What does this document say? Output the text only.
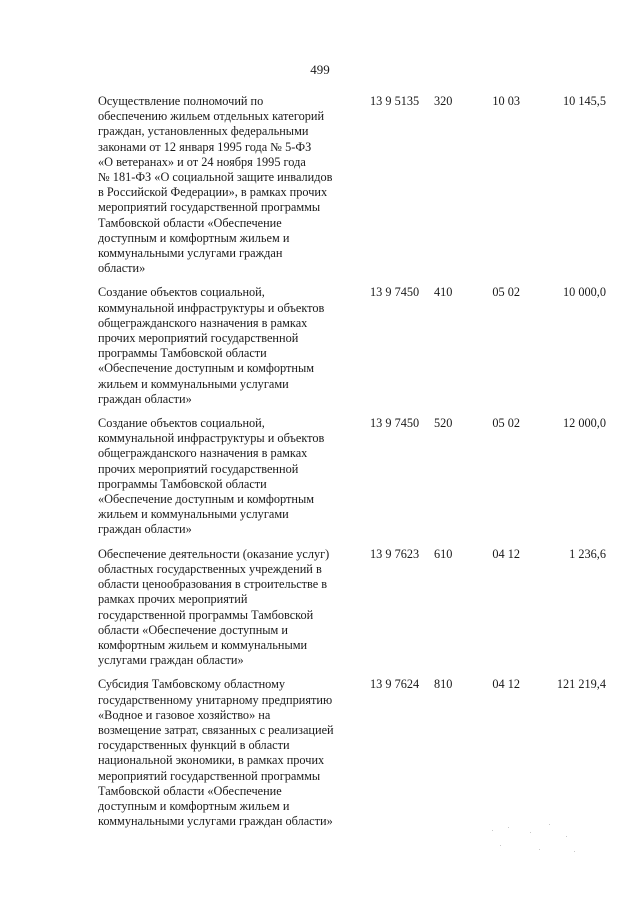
499
Осуществление полномочий по
обеспечению жильем отдельных категорий
граждан, установленных федеральными
законами от 12 января 1995 года № 5-ФЗ
«О ветеранах» и от 24 ноября 1995 года
№ 181-ФЗ «О социальной защите инвалидов
в Российской Федерации», в рамках прочих
мероприятий государственной программы
Тамбовской области «Обеспечение
доступным и комфортным жильем и
коммунальными услугами граждан
области»
13 9 5135	320	10 03	10 145,5
Создание объектов социальной,
коммунальной инфраструктуры и объектов
общегражданского назначения в рамках
прочих мероприятий государственной
программы Тамбовской области
«Обеспечение доступным и комфортным
жильем и коммунальными услугами
граждан области»
13 9 7450	410	05 02	10 000,0
Создание объектов социальной,
коммунальной инфраструктуры и объектов
общегражданского назначения в рамках
прочих мероприятий государственной
программы Тамбовской области
«Обеспечение доступным и комфортным
жильем и коммунальными услугами
граждан области»
13 9 7450	520	05 02	12 000,0
Обеспечение деятельности (оказание услуг)
областных государственных учреждений в
области ценообразования в строительстве в
рамках прочих мероприятий
государственной программы Тамбовской
области «Обеспечение доступным и
комфортным жильем и коммунальными
услугами граждан области»
13 9 7623	610	04 12	1 236,6
Субсидия Тамбовскому областному
государственному унитарному предприятию
«Водное и газовое хозяйство» на
возмещение затрат, связанных с реализацией
государственных функций в области
национальной экономики, в рамках прочих
мероприятий государственной программы
Тамбовской области «Обеспечение
доступным и комфортным жильем и
коммунальными услугами граждан области»
13 9 7624	810	04 12	121 219,4
